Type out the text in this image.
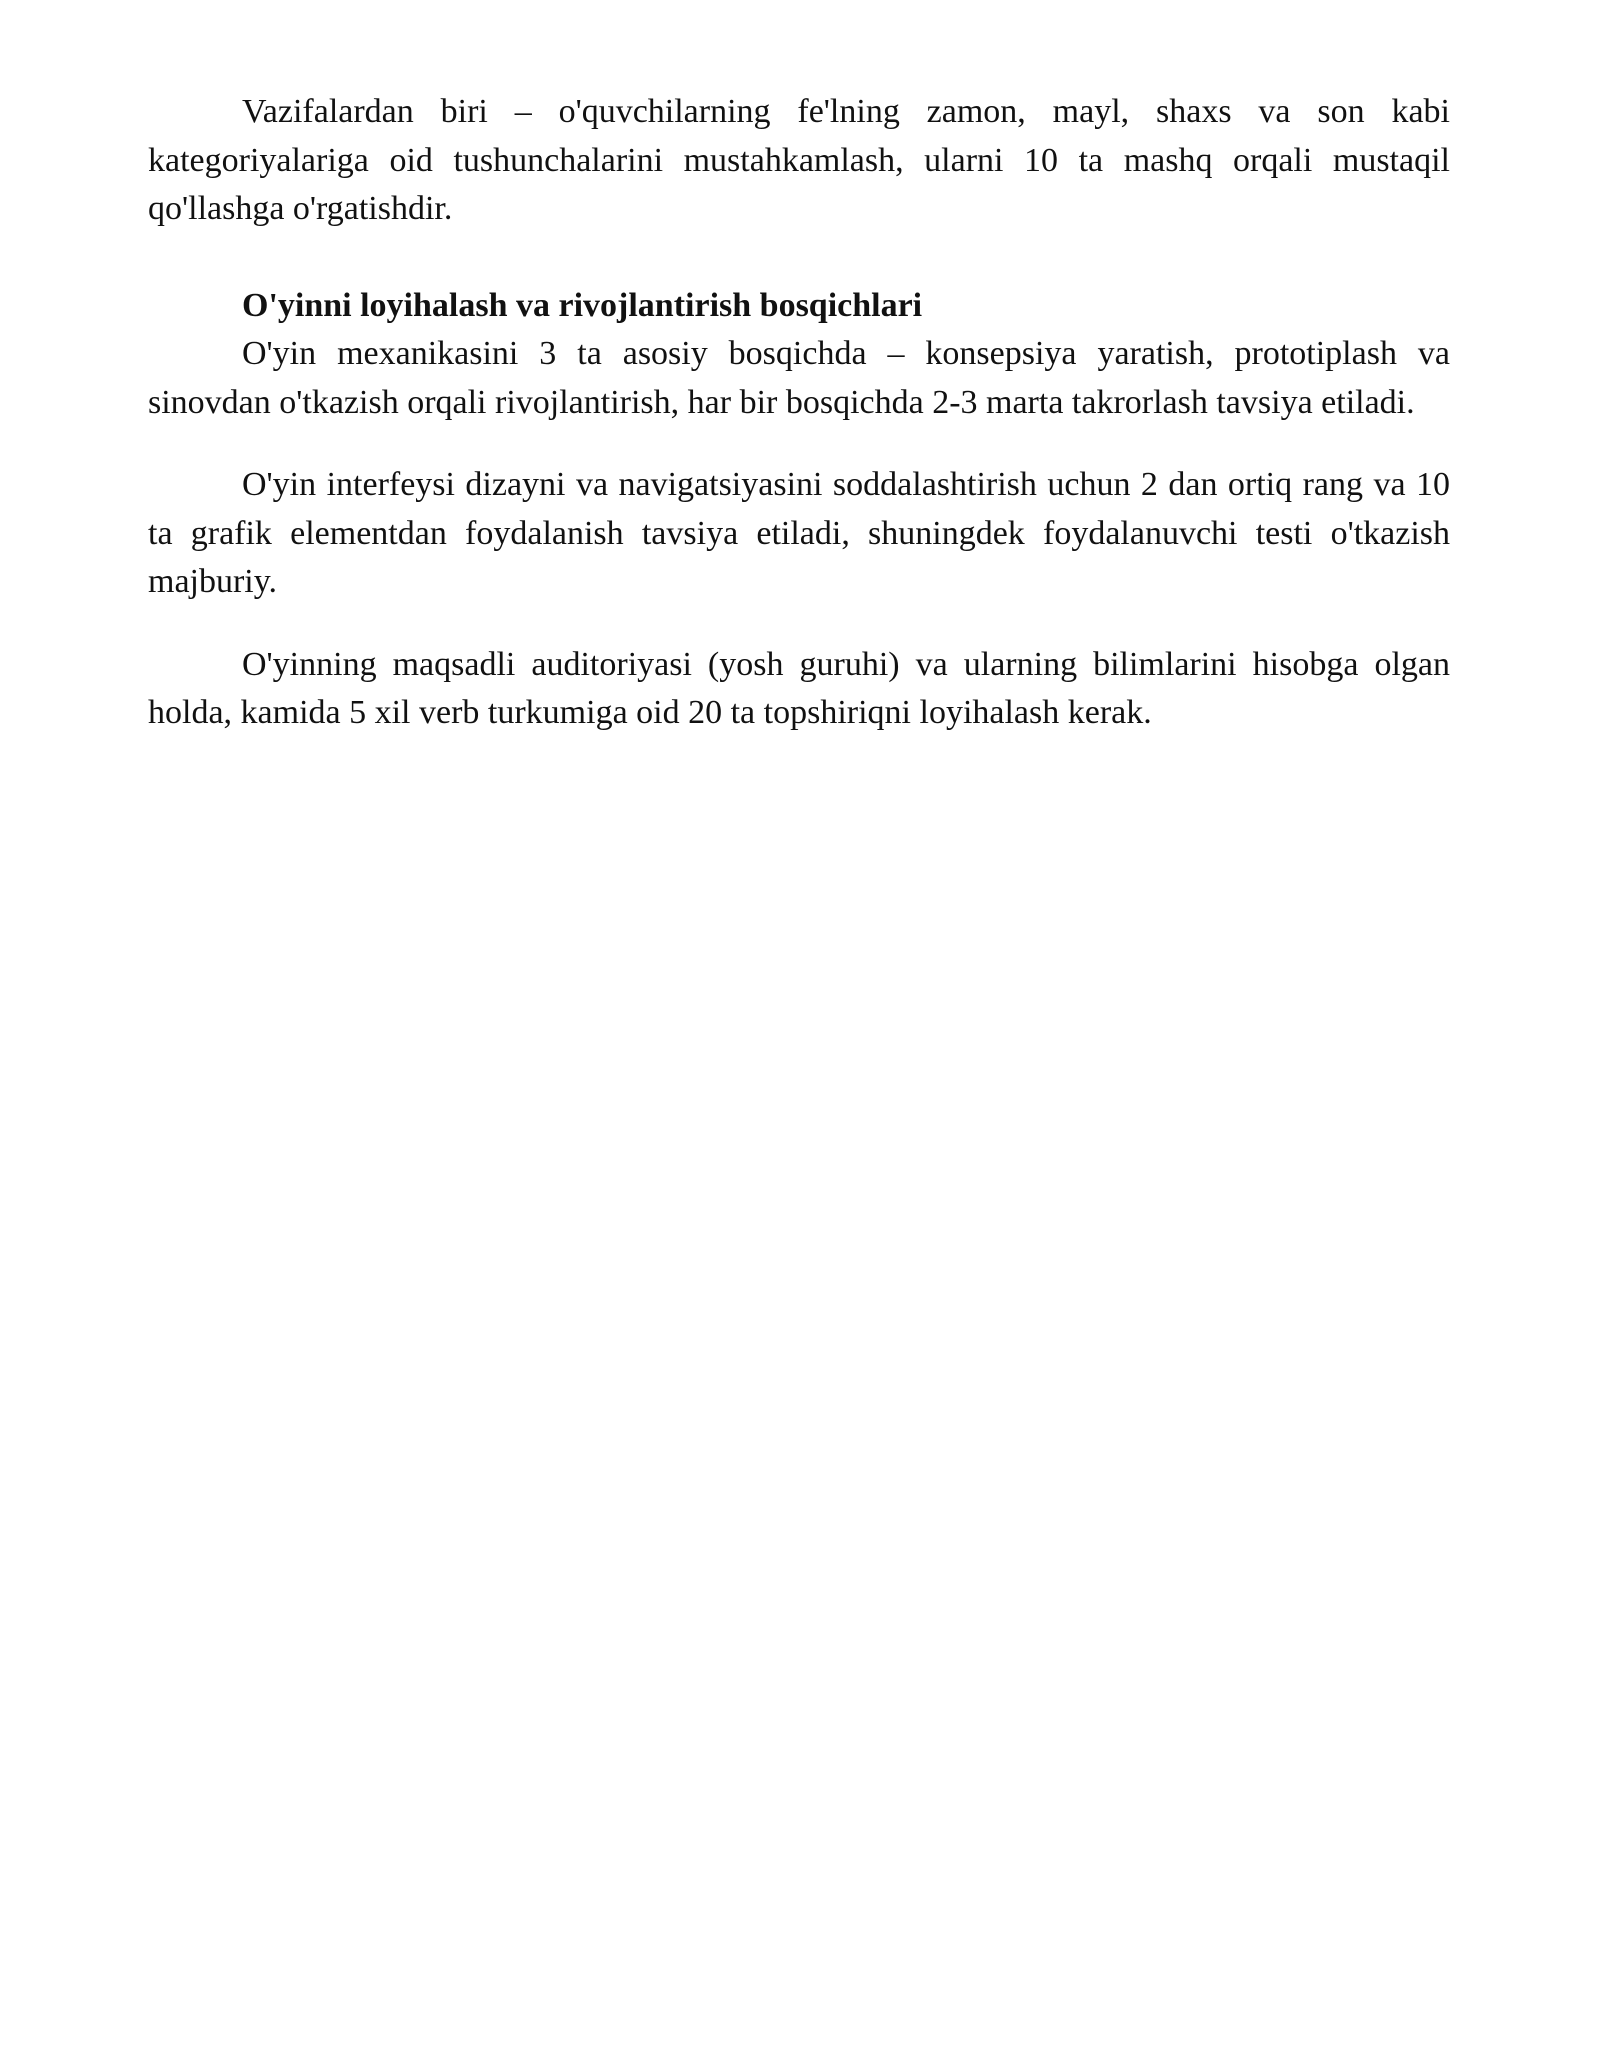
Vazifalardan biri – o'quvchilarning fe'lning zamon, mayl, shaxs va son kabi kategoriyalariga oid tushunchalarini mustahkamlash, ularni 10 ta mashq orqali mustaqil qo'llashga o'rgatishdir.

O'yinni loyihalash va rivojlantirish bosqichlari

O'yin mexanikasini 3 ta asosiy bosqichda – konsepsiya yaratish, prototiplash va sinovdan o'tkazish orqali rivojlantirish, har bir bosqichda 2-3 marta takrorlash tavsiya etiladi.

O'yin interfeysi dizayni va navigatsiyasini soddalashtirish uchun 2 dan ortiq rang va 10 ta grafik elementdan foydalanish tavsiya etiladi, shuningdek foydalanuvchi testi o'tkazish majburiy.

O'yinning maqsadli auditoriyasi (yosh guruhi) va ularning bilimlarini hisobga olgan holda, kamida 5 xil verb turkumiga oid 20 ta topshiriqni loyihalash kerak.
